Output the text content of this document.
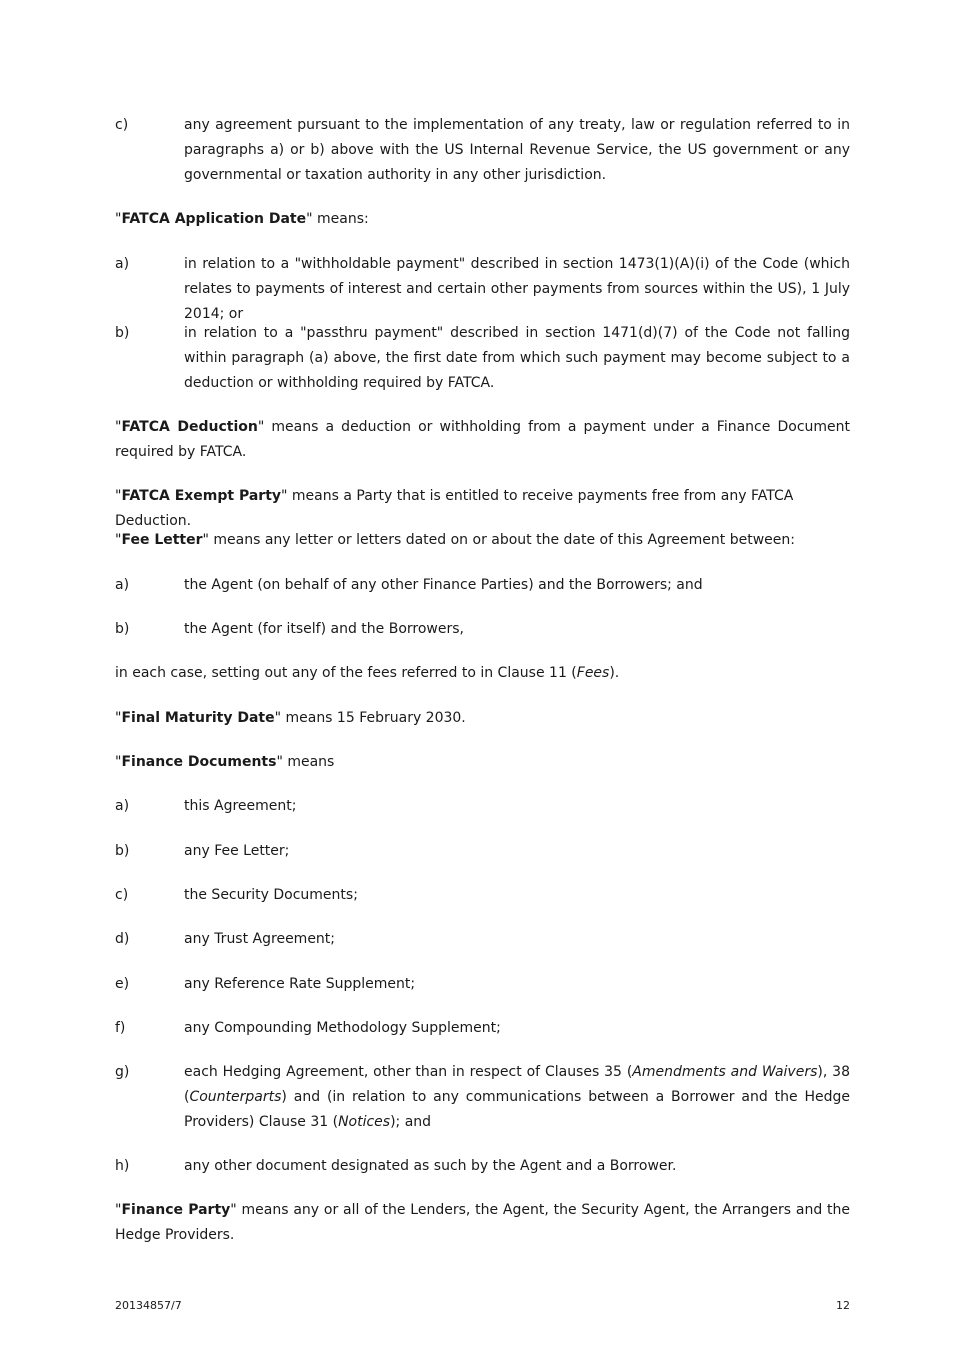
c)	any agreement pursuant to the implementation of any treaty, law or regulation referred to in paragraphs a) or b) above with the US Internal Revenue Service, the US government or any governmental or taxation authority in any other jurisdiction.
"FATCA Application Date" means:
a)	in relation to a "withholdable payment" described in section 1473(1)(A)(i) of the Code (which relates to payments of interest and certain other payments from sources within the US), 1 July 2014; or
b)	in relation to a "passthru payment" described in section 1471(d)(7) of the Code not falling within paragraph (a) above, the first date from which such payment may become subject to a deduction or withholding required by FATCA.
"FATCA Deduction" means a deduction or withholding from a payment under a Finance Document required by FATCA.
"FATCA Exempt Party" means a Party that is entitled to receive payments free from any FATCA Deduction.
"Fee Letter" means any letter or letters dated on or about the date of this Agreement between:
a)	the Agent (on behalf of any other Finance Parties) and the Borrowers; and
b)	the Agent (for itself) and the Borrowers,
in each case, setting out any of the fees referred to in Clause 11 (Fees).
"Final Maturity Date" means 15 February 2030.
"Finance Documents" means
a)	this Agreement;
b)	any Fee Letter;
c)	the Security Documents;
d)	any Trust Agreement;
e)	any Reference Rate Supplement;
f)	any Compounding Methodology Supplement;
g)	each Hedging Agreement, other than in respect of Clauses 35 (Amendments and Waivers), 38 (Counterparts) and (in relation to any communications between a Borrower and the Hedge Providers) Clause 31 (Notices); and
h)	any other document designated as such by the Agent and a Borrower.
"Finance Party" means any or all of the Lenders, the Agent, the Security Agent, the Arrangers and the Hedge Providers.
20134857/7	12
